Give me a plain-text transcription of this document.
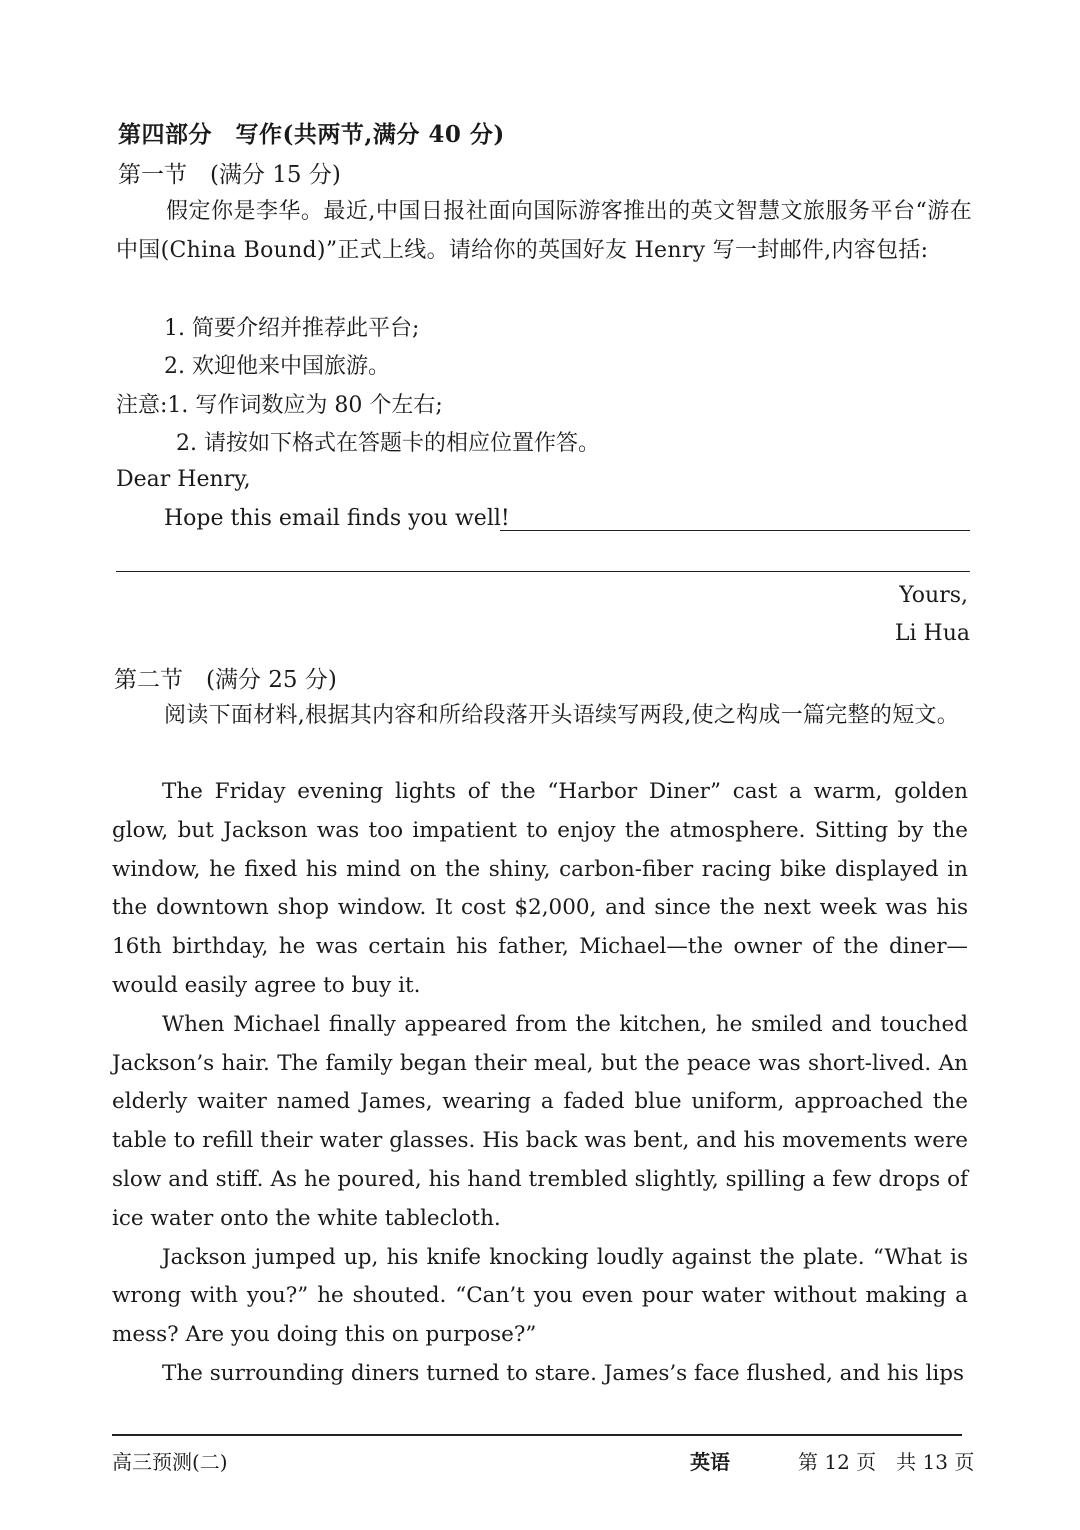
第四部分　写作(共两节,满分 40 分)
第一节　(满分 15 分)

假定你是李华。最近,中国日报社面向国际游客推出的英文智慧文旅服务平台“游在中国(China Bound)”正式上线。请给你的英国好友 Henry 写一封邮件,内容包括:

1. 简要介绍并推荐此平台;
2. 欢迎他来中国旅游。
注意:1. 写作词数应为 80 个左右;
2. 请按如下格式在答题卡的相应位置作答。
Dear Henry,
Hope this email finds you well!
Yours,
Li Hua
第二节　(满分 25 分)

阅读下面材料,根据其内容和所给段落开头语续写两段,使之构成一篇完整的短文。

The Friday evening lights of the “Harbor Diner” cast a warm, golden glow, but Jackson was too impatient to enjoy the atmosphere. Sitting by the window, he fixed his mind on the shiny, carbon-fiber racing bike displayed in the downtown shop window. It cost $2,000, and since the next week was his 16th birthday, he was certain his father, Michael—the owner of the diner—would easily agree to buy it.

When Michael finally appeared from the kitchen, he smiled and touched Jackson’s hair. The family began their meal, but the peace was short-lived. An elderly waiter named James, wearing a faded blue uniform, approached the table to refill their water glasses. His back was bent, and his movements were slow and stiff. As he poured, his hand trembled slightly, spilling a few drops of ice water onto the white tablecloth.

Jackson jumped up, his knife knocking loudly against the plate. “What is wrong with you?” he shouted. “Can’t you even pour water without making a mess? Are you doing this on purpose?”

The surrounding diners turned to stare. James’s face flushed, and his lips

高三预测(二)	英语	第 12 页　共 13 页
